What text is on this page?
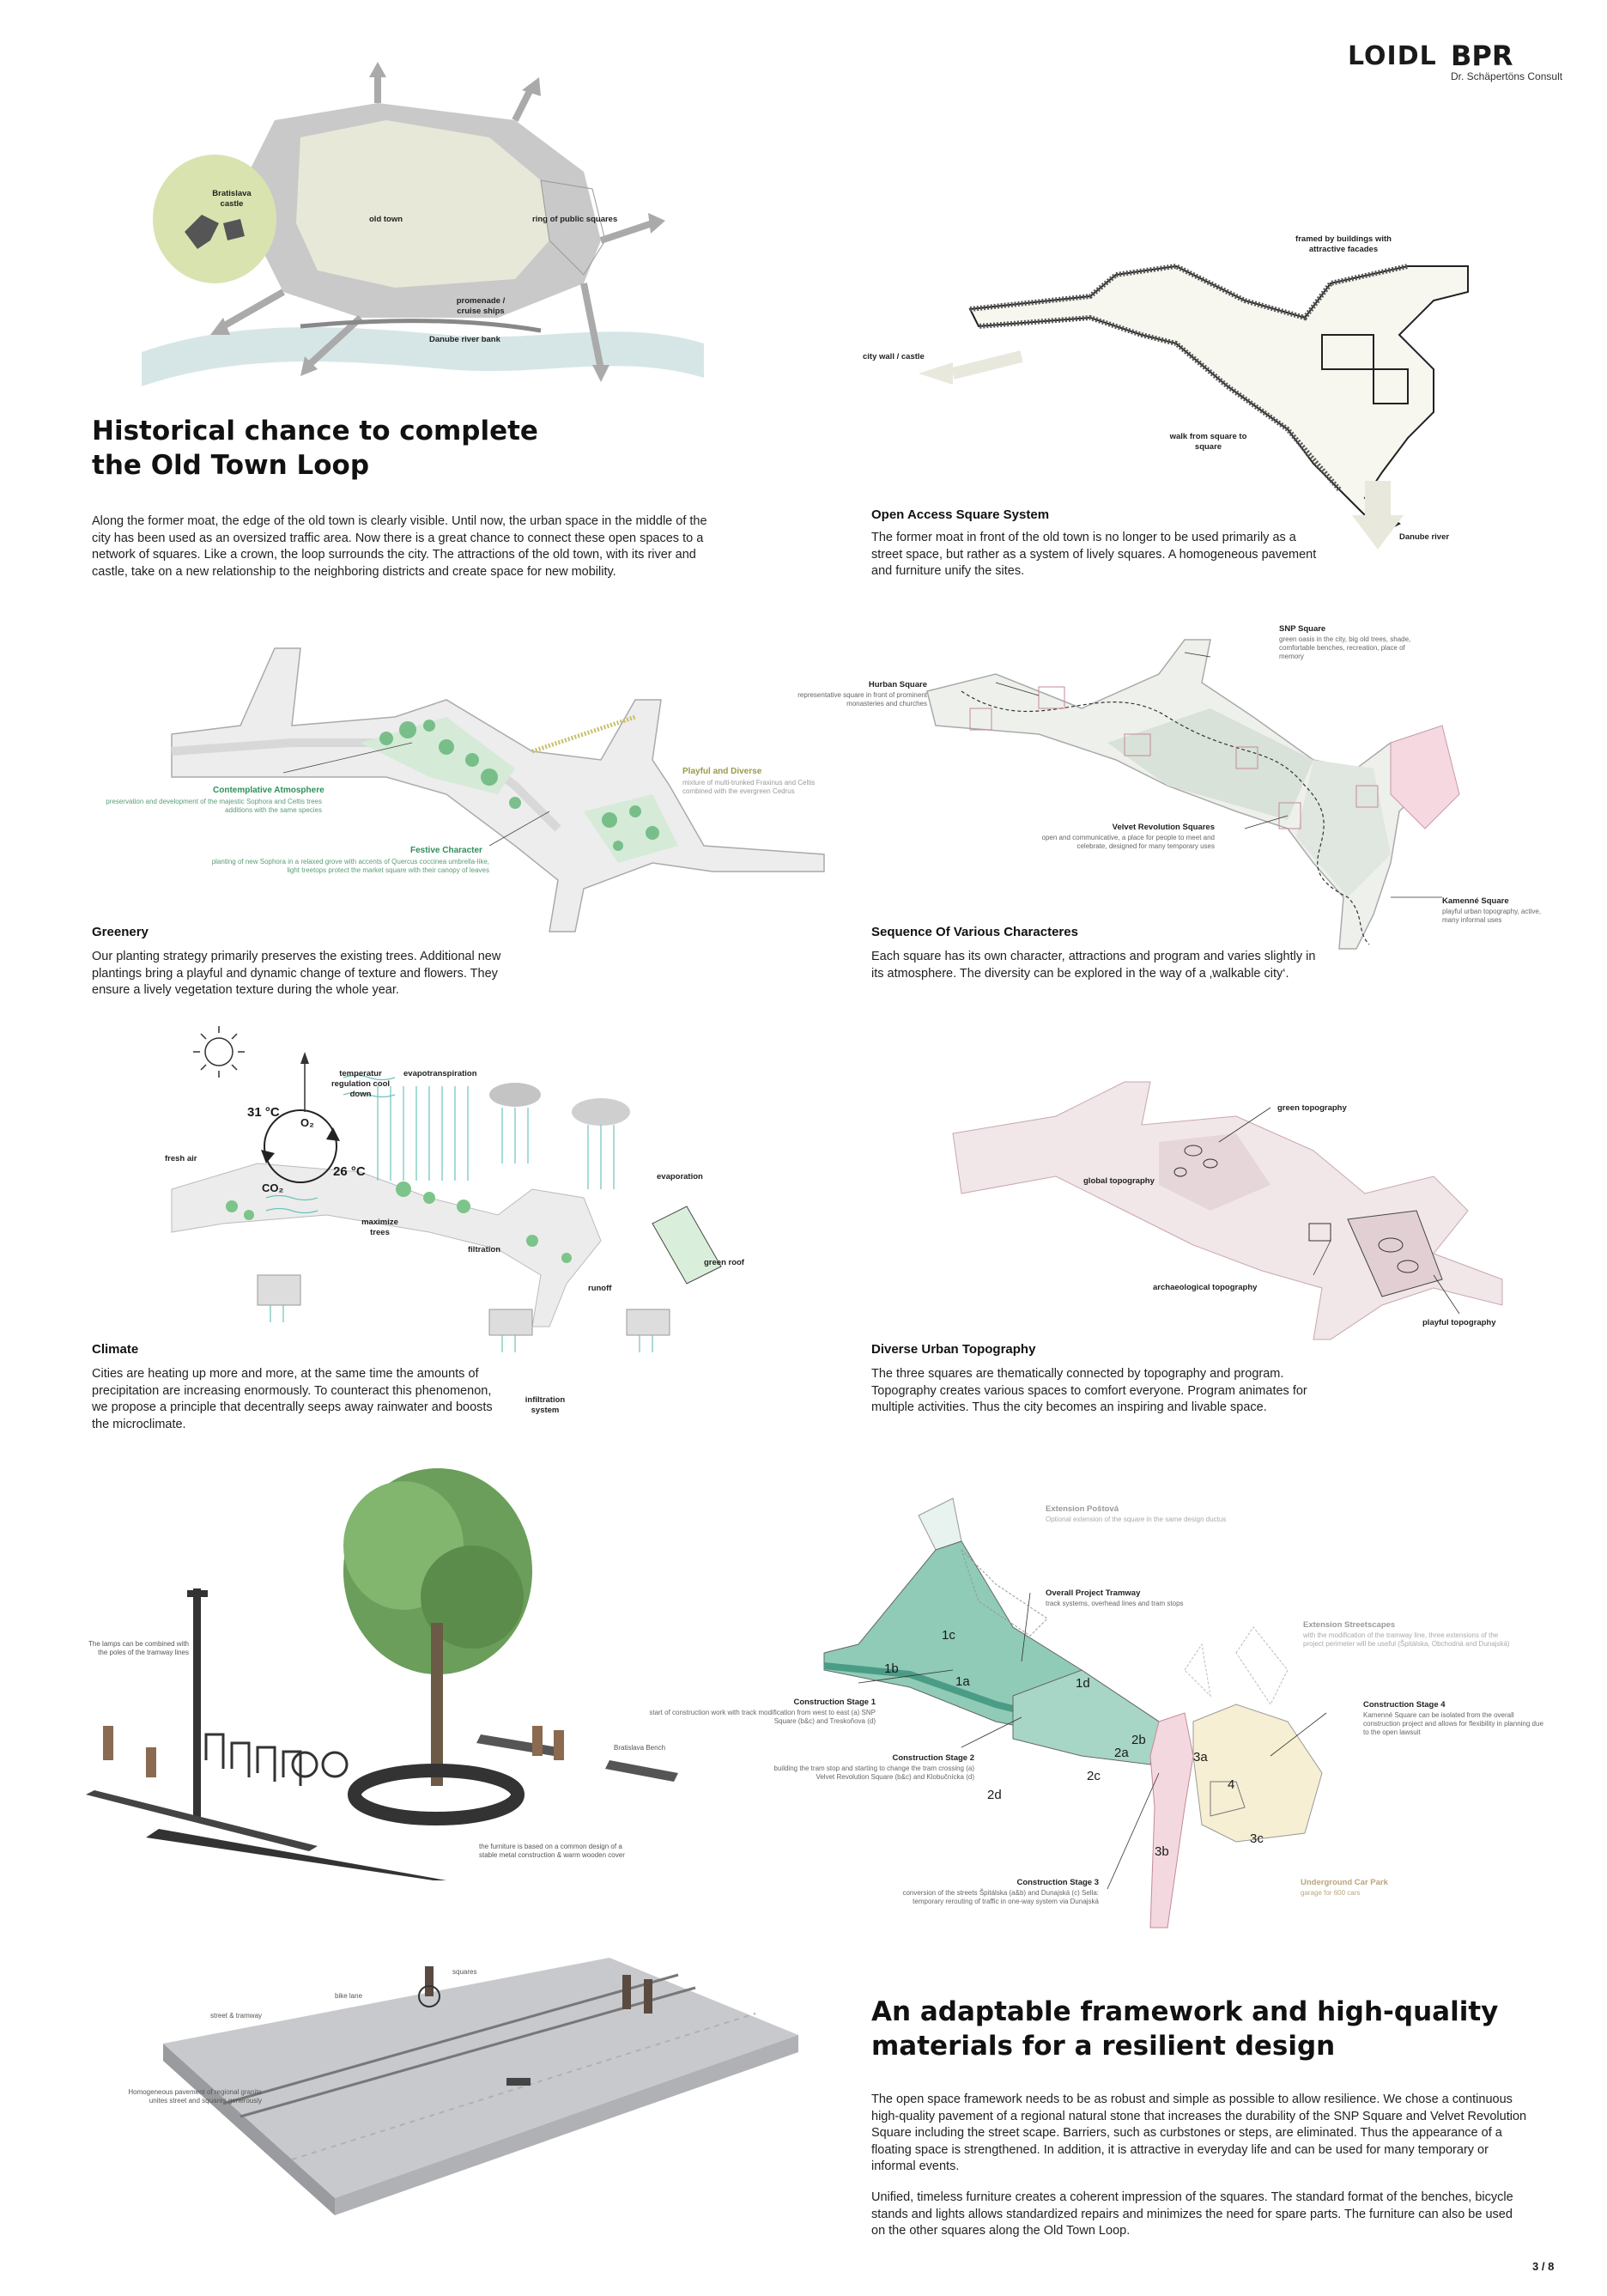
LOIDL BPR
Dr. Schäpertöns Consult
Bratislava castle
old town	ring of public squares
promenade / cruise ships
Danube river bank
Historical chance to complete
the Old Town Loop
Along the former moat, the edge of the old town is clearly visible. Until now, the urban space in the middle of the city has been used as an oversized traffic area. Now there is a great chance to connect these open spaces to a network of squares. Like a crown, the loop surrounds the city. The attractions of the old town, with its river and castle, take on a new relationship to the neighboring districts and create space for new mobility.
framed by buildings with attractive facades
city wall / castle
walk from square to square
Danube river
Open Access Square System
The former moat in front of the old town is no longer to be used primarily as a street space, but rather as a system of lively squares. A homogeneous pavement and furniture unify the sites.
Contemplative Atmosphere
preservation and development of the majestic Sophora and Celtis trees additions with the same species
Playful and Diverse
mixture of multi-trunked Fraxinus and Celtis combined with the evergreen Cedrus
Festive Character
planting of new Sophora in a relaxed grove with accents of Quercus coccinea umbrella-like, light treetops protect the market square with their canopy of leaves
Greenery
Our planting strategy primarily preserves the existing trees. Additional new plantings bring a playful and dynamic change of texture and flowers. They ensure a lively vegetation texture during the whole year.
SNP Square
green oasis in the city, big old trees, shade, comfortable benches, recreation, place of memory
Hurban Square
representative square in front of prominent monasteries and churches
Velvet Revolution Squares
open and communicative, a place for people to meet and celebrate, designed for many temporary uses
Kamenné Square
playful urban topography, active, many informal uses
Sequence Of Various Characteres
Each square has its own character, attractions and program and varies slightly in its atmosphere. The diversity can be explored in the way of a ‚walkable city‘.
temperatur regulation cool down
evapotranspiration
31 °C
O₂
26 °C
CO₂
fresh air
maximize trees
evaporation
filtration
green roof
runoff
infiltration system
Climate
Cities are heating up more and more, at the same time the amounts of precipitation are increasing enormously. To counteract this phenomenon, we propose a principle that decentrally seeps away rainwater and boosts the microclimate.
green topography
global topography
archaeological topography
playful topography
Diverse Urban Topography
The three squares are thematically connected by topography and program. Topography creates various spaces to comfort everyone. Program animates for multiple activities. Thus the city becomes an inspiring and livable space.
The lamps can be combined with the poles of the tramway lines
Bratislava Bench
the furniture is based on a common design of a stable metal construction & warm wooden cover
Extension Poštová
Optional extension of the square in the same design ductus
Overall Project Tramway
track systems, overhead lines and tram stops
Extension Streetscapes
with the modification of the tramway line, three extensions of the project perimeter will be useful (Špitálska, Obchodná and Dunajská)
Construction Stage 1
start of construction work with track modification from west to east (a) SNP Square (b&c) and Treskoňova (d)
Construction Stage 4
Kamenné Square can be isolated from the overall construction project and allows for flexibility in planning due to the open lawsuit
Construction Stage 2
building the tram stop and starting to change the tram crossing (a) Velvet Revolution Square (b&c) and Klobučnícka (d)
Construction Stage 3
conversion of the streets Špitálska (a&b) and Dunajská (c) Sella: temporary rerouting of traffic in one-way system via Dunajská
Underground Car Park
garage for 600 cars
1c
1b
1a	1d
2b
2a
2c
2d
3a
4
3b
3c
squares
bike lane
street & tramway
Homogeneous pavement of regional granite unites street and squares generously
An adaptable framework and high-quality
materials for a resilient design
The open space framework needs to be as robust and simple as possible to allow resilience. We chose a continuous high-quality pavement of a regional natural stone that increases the durability of the SNP Square and Velvet Revolution Square including the street scape. Barriers, such as curbstones or steps, are eliminated. Thus the appearance of a floating space is strengthened. In addition, it is attractive in everyday life and can be used for many temporary or informal events.
Unified, timeless furniture creates a coherent impression of the squares. The standard format of the benches, bicycle stands and lights allows standardized repairs and minimizes the need for spare parts. The furniture can also be used on the other squares along the Old Town Loop.
3 / 8
